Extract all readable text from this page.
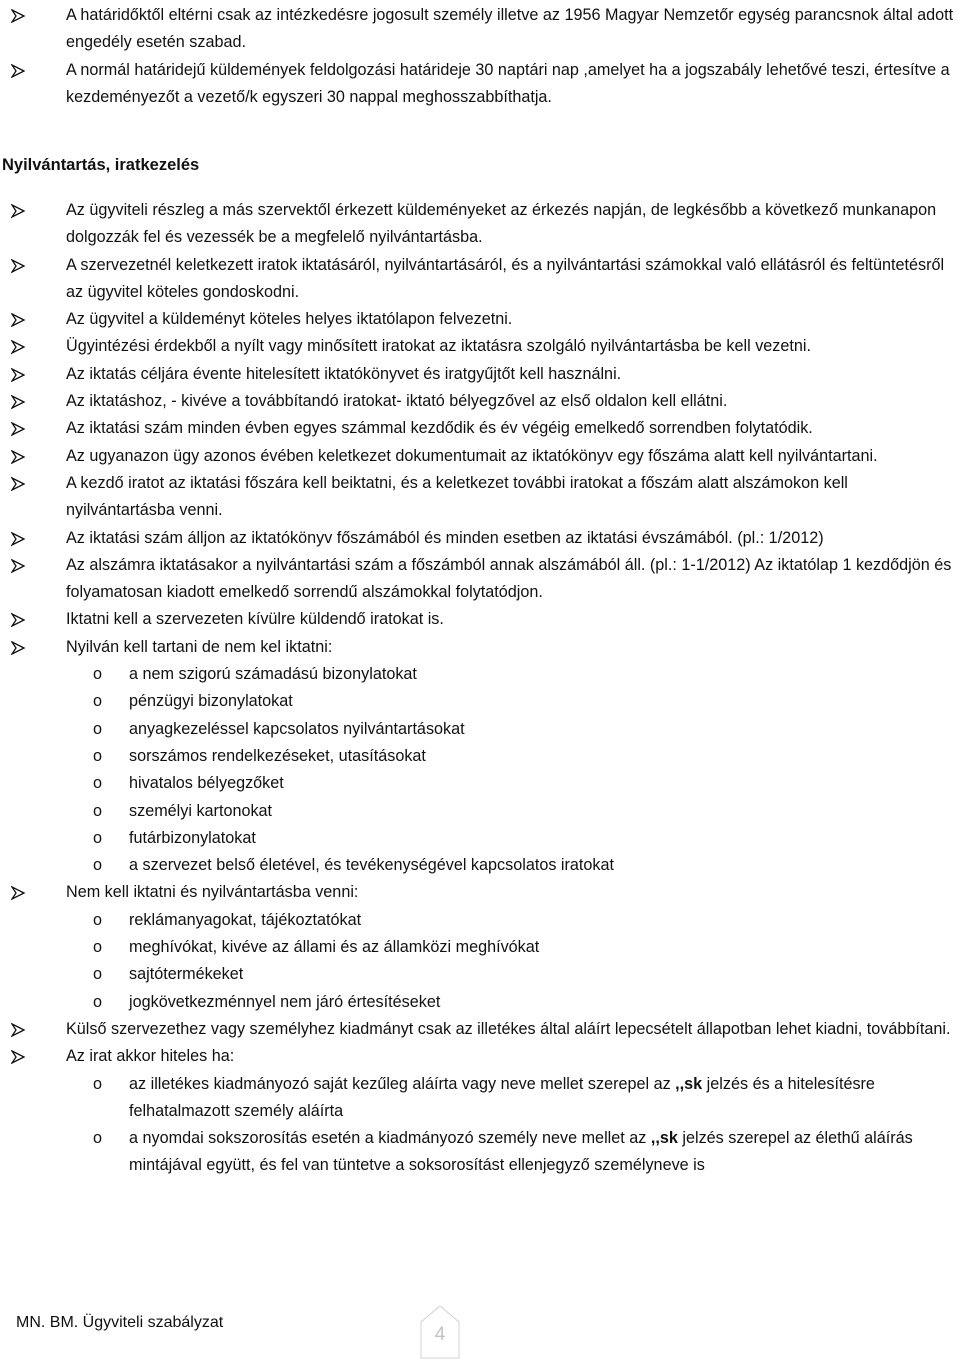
A határidőktől eltérni csak az intézkedésre jogosult személy illetve az 1956 Magyar Nemzetőr egység parancsnok által adott engedély esetén szabad.
A normál határidejű küldemények feldolgozási határideje 30 naptári nap ,amelyet ha a jogszabály lehetővé teszi, értesítve a kezdeményezőt a vezető/k egyszeri 30 nappal meghosszabbíthatja.
Nyilvántartás, iratkezelés
Az ügyviteli részleg a más szervektől érkezett küldeményeket az érkezés napján, de legkésőbb a következő munkanapon dolgozzák fel és vezessék be a megfelelő nyilvántartásba.
A szervezetnél keletkezett iratok iktatásáról, nyilvántartásáról, és a nyilvántartási számokkal való ellátásról és feltüntetésről az ügyvitel köteles gondoskodni.
Az ügyvitel a küldeményt köteles helyes iktatólapon felvezetni.
Ügyintézési érdekből a nyílt vagy minősített iratokat az iktatásra szolgáló nyilvántartásba be kell vezetni.
Az iktatás céljára évente hitelesített iktatókönyvet és iratgyűjtőt kell használni.
Az iktatáshoz, - kivéve a továbbítandó iratokat- iktató bélyegzővel az első oldalon kell ellátni.
Az iktatási szám minden évben egyes számmal kezdődik és év végéig emelkedő sorrendben folytatódik.
Az ugyanazon ügy azonos évében keletkezet dokumentumait az iktatókönyv egy főszáma alatt kell nyilvántartani.
A kezdő iratot az iktatási főszára kell beiktatni, és a keletkezet további iratokat a főszám alatt alszámokon kell nyilvántartásba venni.
Az iktatási szám álljon az iktatókönyv főszámából és minden esetben az iktatási évszámából. (pl.: 1/2012)
Az alszámra iktatásakor a nyilvántartási szám a főszámból annak alszámából áll. (pl.: 1-1/2012) Az iktatólap 1 kezdődjön és folyamatosan kiadott emelkedő sorrendű alszámokkal folytatódjon.
Iktatni kell a szervezeten kívülre küldendő iratokat is.
Nyilván kell tartani de nem kel iktatni:
o a nem szigorú számadású bizonylatokat
o pénzügyi bizonylatokat
o anyagkezeléssel kapcsolatos nyilvántartásokat
o sorszámos rendelkezéseket, utasításokat
o hivatalos bélyegzőket
o személyi kartonokat
o futárbizonylatokat
o a szervezet belső életével, és tevékenységével kapcsolatos iratokat
Nem kell iktatni és nyilvántartásba venni:
o reklámanyagokat, tájékoztatókat
o meghívókat, kivéve az állami és az államközi meghívókat
o sajtótermékeket
o jogkövetkezménnyel nem járó értesítéseket
Külső szervezethez vagy személyhez kiadmányt csak az illetékes által aláírt lepecsételt állapotban lehet kiadni, továbbítani.
Az irat akkor hiteles ha:
o az illetékes kiadmányozó saját kezűleg aláírta vagy neve mellet szerepel az ,,sk jelzés és a hitelesítésre felhatalmazott személy aláírta
o a nyomdai sokszorosítás esetén a kiadmányozó személy neve mellet az ,,sk jelzés szerepel az élethű aláírás mintájával együtt, és fel van tüntetve a soksorosítást ellenjegyző személyneve is
MN. BM. Ügyviteli szabályzat
4
